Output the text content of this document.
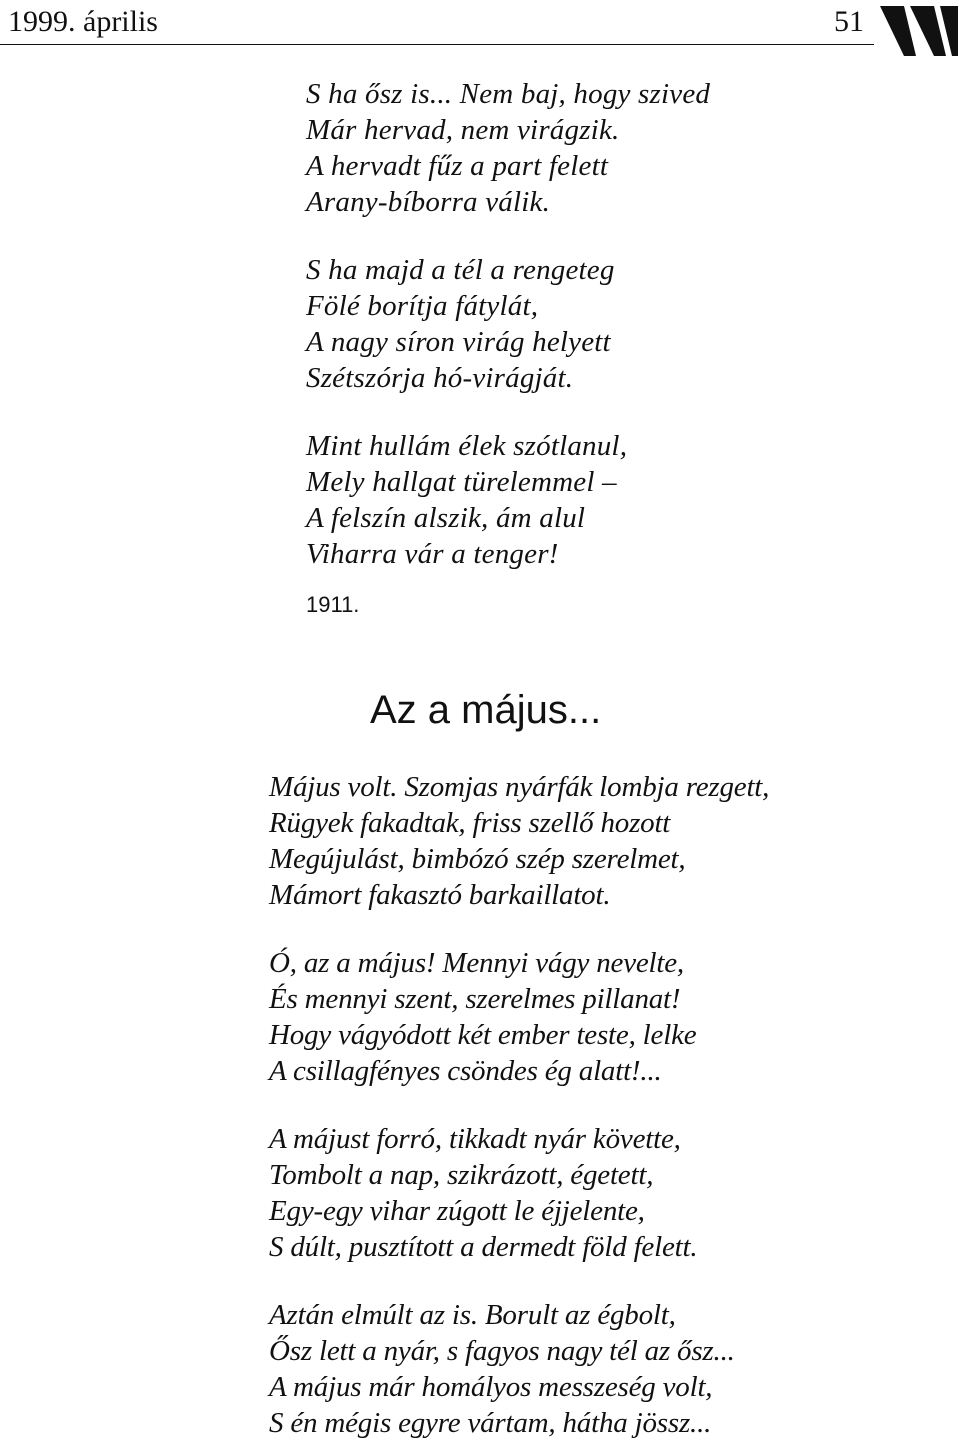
1999. április	51
S ha ősz is... Nem baj, hogy szived
Már hervad, nem virágzik.
A hervadt fűz a part felett
Arany-bíborra válik.
S ha majd a tél a rengeteg
Fölé borítja fátylát,
A nagy síron virág helyett
Szétszórja hó-virágját.
Mint hullám élek szótlanul,
Mely hallgat türelemmel –
A felszín alszik, ám alul
Viharra vár a tenger!
1911.
Az a május...
Május volt. Szomjas nyárfák lombja rezgett,
Rügyek fakadtak, friss szellő hozott
Megújulást, bimbózó szép szerelmet,
Mámort fakasztó barkaillatot.
Ó, az a május! Mennyi vágy nevelte,
És mennyi szent, szerelmes pillanat!
Hogy vágyódott két ember teste, lelke
A csillagfényes csöndes ég alatt!...
A májust forró, tikkadt nyár követte,
Tombolt a nap, szikrázott, égetett,
Egy-egy vihar zúgott le éjjelente,
S dúlt, pusztított a dermedt föld felett.
Aztán elmúlt az is. Borult az égbolt,
Ősz lett a nyár, s fagyos nagy tél az ősz...
A május már homályos messzeség volt,
S én mégis egyre vártam, hátha jössz...
